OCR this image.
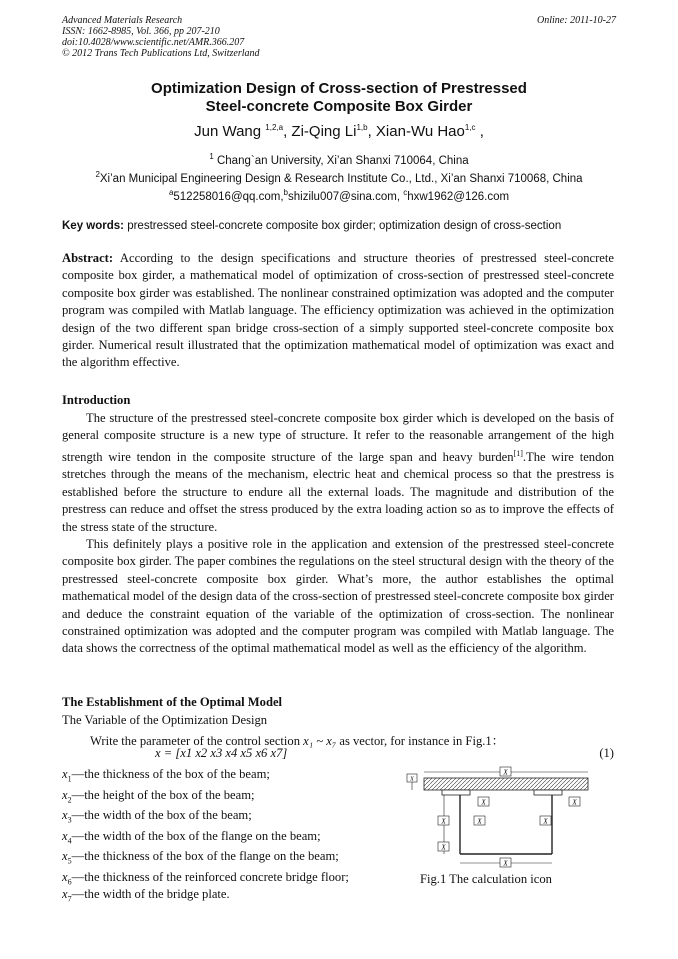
Advanced Materials Research
ISSN: 1662-8985, Vol. 366, pp 207-210
doi:10.4028/www.scientific.net/AMR.366.207
© 2012 Trans Tech Publications Ltd, Switzerland
Online: 2011-10-27
Optimization Design of Cross-section of Prestressed
Steel-concrete Composite Box Girder
Jun Wang $^{1,2,a}$, Zi-Qing Li$^{1,b}$, Xian-Wu Hao$^{1,c}$ ,
$^1$ Chang`an University, Xi’an Shanxi 710064, China
$^2$Xi’an Municipal Engineering Design & Research Institute Co., Ltd., Xi’an Shanxi 710068, China
$^a$512258016@qq.com,$^b$shizilu007@sina.com, $^c$hxw1962@126.com
Key words: prestressed steel-concrete composite box girder; optimization design of cross-section
Abstract: According to the design specifications and structure theories of prestressed steel-concrete composite box girder, a mathematical model of optimization of cross-section of prestressed steel-concrete composite box girder was established. The nonlinear constrained optimization was adopted and the computer program was compiled with Matlab language. The efficiency optimization was achieved in the optimization design of the two different span bridge cross-section of a simply supported steel-concrete composite box girder. Numerical result illustrated that the optimization mathematical model of optimization was exact and the algorithm effective.
Introduction
The structure of the prestressed steel-concrete composite box girder which is developed on the basis of general composite structure is a new type of structure. It refer to the reasonable arrangement of the high strength wire tendon in the composite structure of the large span and heavy burden[1].The wire tendon stretches through the means of the mechanism, electric heat and chemical process so that the prestress is established before the structure to endure all the external loads. The magnitude and distribution of the prestress can reduce and offset the stress produced by the extra loading action so as to improve the effects of the stress state of the structure.
This definitely plays a positive role in the application and extension of the prestressed steel-concrete composite box girder. The paper combines the regulations on the steel structural design with the theory of the prestressed steel-concrete composite box girder. What’s more, the author establishes the optimal mathematical model of the design data of the cross-section of prestressed steel-concrete composite box girder and deduce the constraint equation of the variable of the optimization of cross-section. The nonlinear constrained optimization was adopted and the computer program was compiled with Matlab language. The data shows the correctness of the optimal mathematical model as well as the efficiency of the algorithm.
The Establishment of the Optimal Model
The Variable of the Optimization Design
Write the parameter of the control section x₁ ~ x₇ as vector, for instance in Fig.1：
x = [x1 x2 x3 x4 x5 x6 x7]	(1)
$x_1—the$ thickness of the box of the beam;
$x_2—the$ height of the box of the beam;
$x_3—the$ width of the box of the beam;
$x_4—the$ width of the box of the flange on the beam;
$x_5—the$ thickness of the box of the flange on the beam;
$x_6—the$ thickness of the reinforced concrete bridge floor;
$x_7—the$ width of the bridge plate.
X
X
X
X
X	X
X	X
X
Fig.1 The calculation icon
